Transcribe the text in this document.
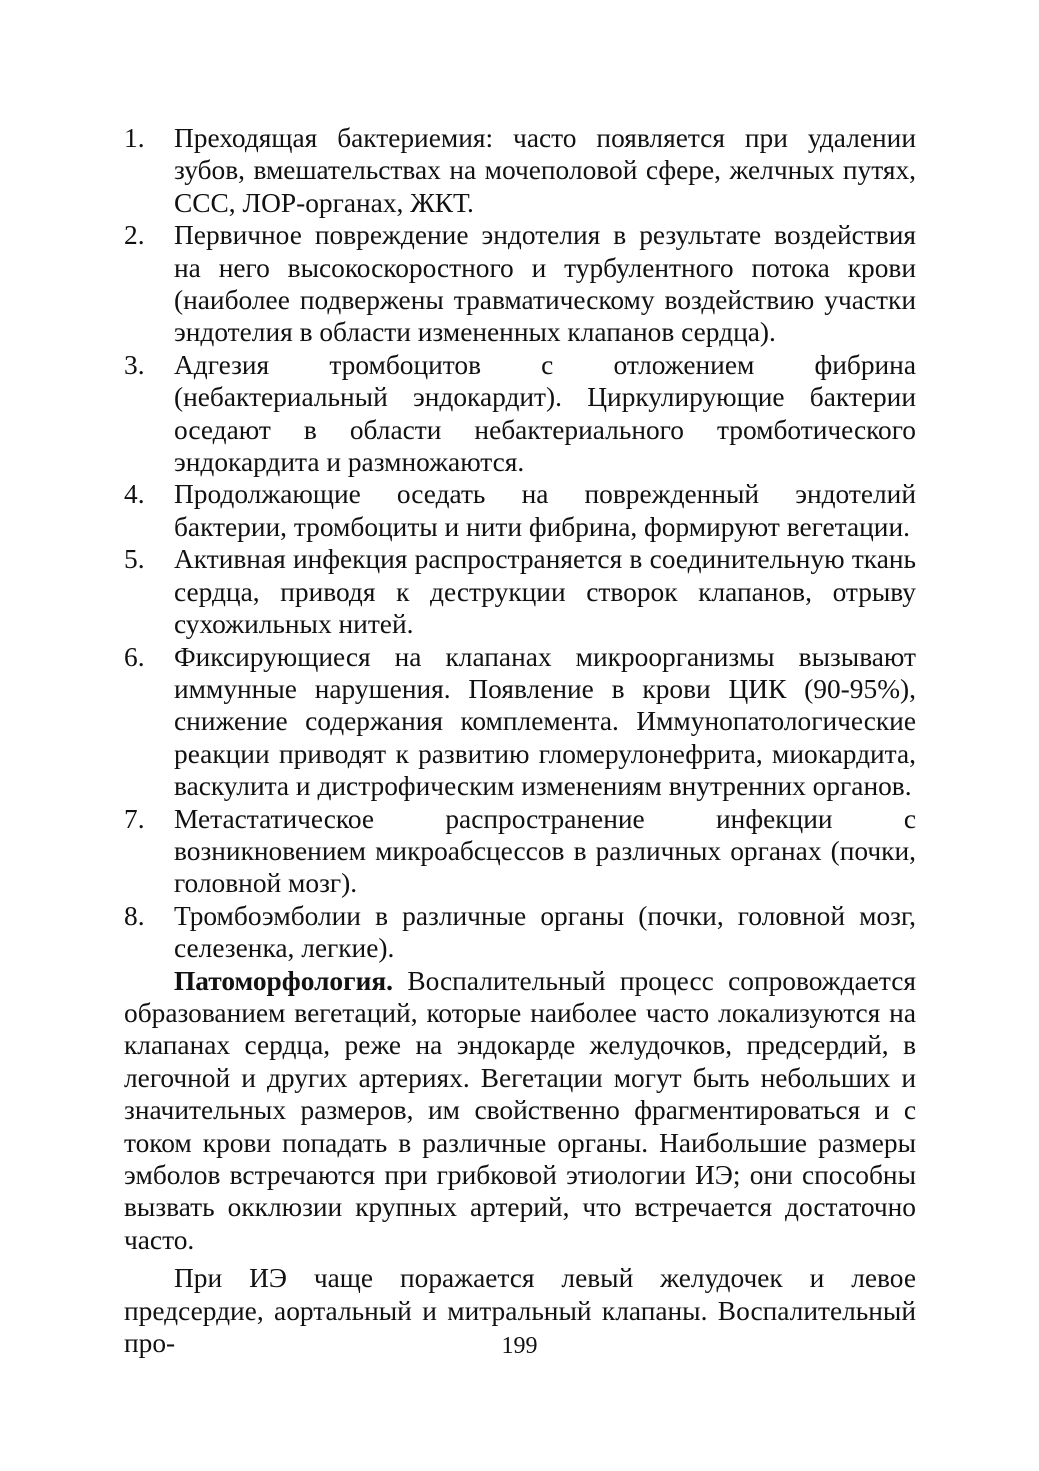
1.	Преходящая бактериемия: часто появляется при удалении зубов, вмешательствах на мочеполовой сфере, желчных путях, ССС, ЛОР-органах, ЖКТ.
2.	Первичное повреждение эндотелия в результате воздействия на него высокоскоростного и турбулентного потока крови (наиболее подвержены травматическому воздействию участки эндотелия в области измененных клапанов сердца).
3.	Адгезия тромбоцитов с отложением фибрина (небактериальный эндокардит). Циркулирующие бактерии оседают в области небактериального тромботического эндокардита и размножаются.
4.	Продолжающие оседать на поврежденный эндотелий бактерии, тромбоциты и нити фибрина, формируют вегетации.
5.	Активная инфекция распространяется в соединительную ткань сердца, приводя к деструкции створок клапанов, отрыву сухожильных нитей.
6.	Фиксирующиеся на клапанах микроорганизмы вызывают иммунные нарушения. Появление в крови ЦИК (90-95%), снижение содержания комплемента. Иммунопатологические реакции приводят к развитию гломерулонефрита, миокардита, васкулита и дистрофическим изменениям внутренних органов.
7.	Метастатическое распространение инфекции с возникновением микроабсцессов в различных органах (почки, головной мозг).
8.	Тромбоэмболии в различные органы (почки, головной мозг, селезенка, легкие).

Патоморфология. Воспалительный процесс сопровождается образованием вегетаций, которые наиболее часто локализуются на клапанах сердца, реже на эндокарде желудочков, предсердий, в легочной и других артериях. Вегетации могут быть небольших и значительных размеров, им свойственно фрагментироваться и с током крови попадать в различные органы. Наибольшие размеры эмболов встречаются при грибковой этиологии ИЭ; они способны вызвать окклюзии крупных артерий, что встречается достаточно часто.

При ИЭ чаще поражается левый желудочек и левое предсердие, аортальный и митральный клапаны. Воспалительный про-	199
